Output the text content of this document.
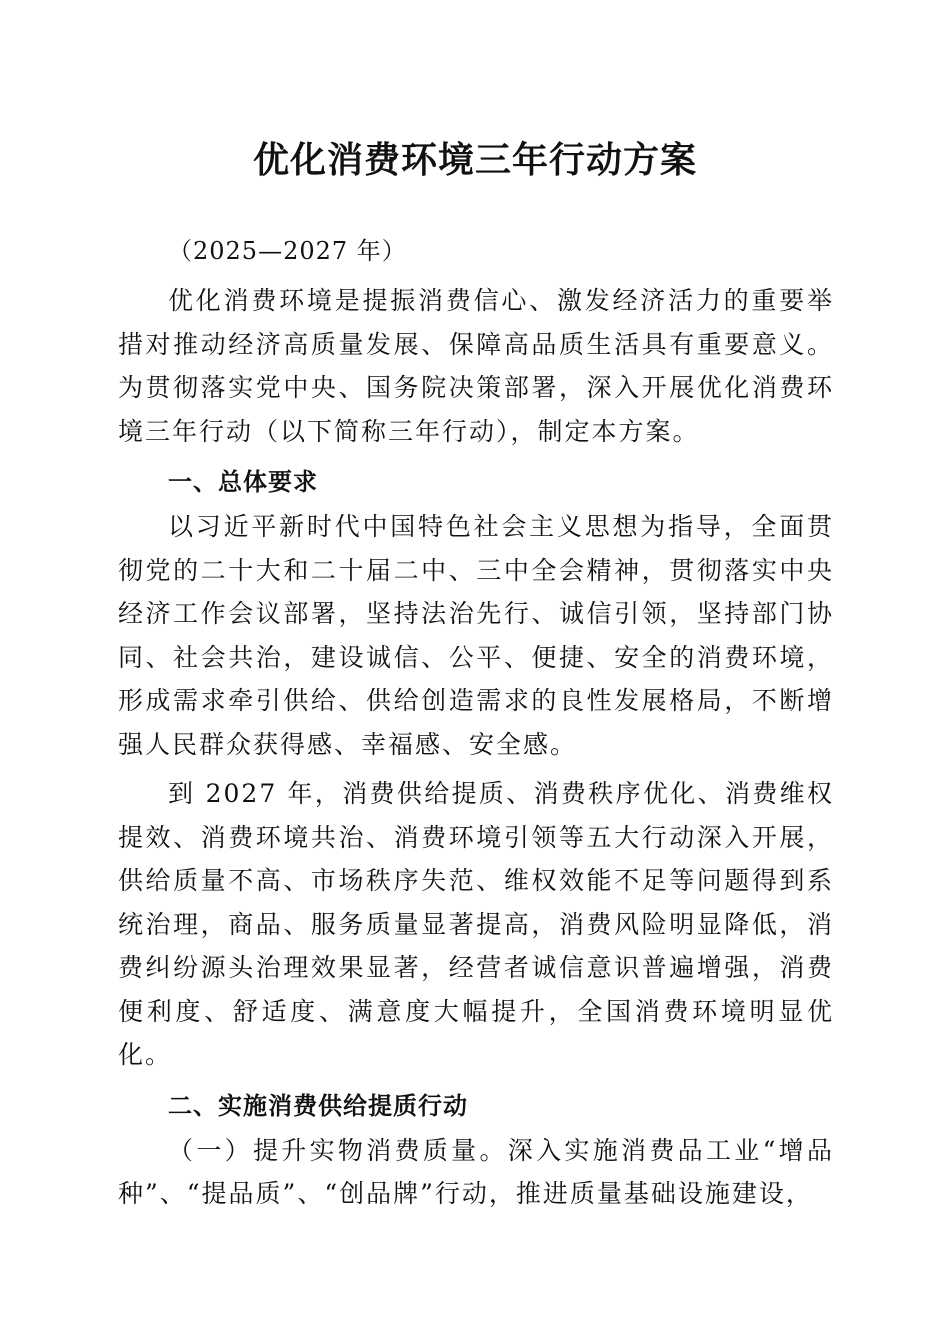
优化消费环境三年行动方案

（2025—2027 年）

优化消费环境是提振消费信心、激发经济活力的重要举措对推动经济高质量发展、保障高品质生活具有重要意义。为贯彻落实党中央、国务院决策部署，深入开展优化消费环境三年行动（以下简称三年行动），制定本方案。

一、总体要求

以习近平新时代中国特色社会主义思想为指导，全面贯彻党的二十大和二十届二中、三中全会精神，贯彻落实中央经济工作会议部署，坚持法治先行、诚信引领，坚持部门协同、社会共治，建设诚信、公平、便捷、安全的消费环境，形成需求牵引供给、供给创造需求的良性发展格局，不断增强人民群众获得感、幸福感、安全感。

到 2027 年，消费供给提质、消费秩序优化、消费维权提效、消费环境共治、消费环境引领等五大行动深入开展，供给质量不高、市场秩序失范、维权效能不足等问题得到系统治理，商品、服务质量显著提高，消费风险明显降低，消费纠纷源头治理效果显著，经营者诚信意识普遍增强，消费便利度、舒适度、满意度大幅提升，全国消费环境明显优化。

二、实施消费供给提质行动

（一）提升实物消费质量。深入实施消费品工业“增品种”、“提品质”、“创品牌”行动，推进质量基础设施建设，
